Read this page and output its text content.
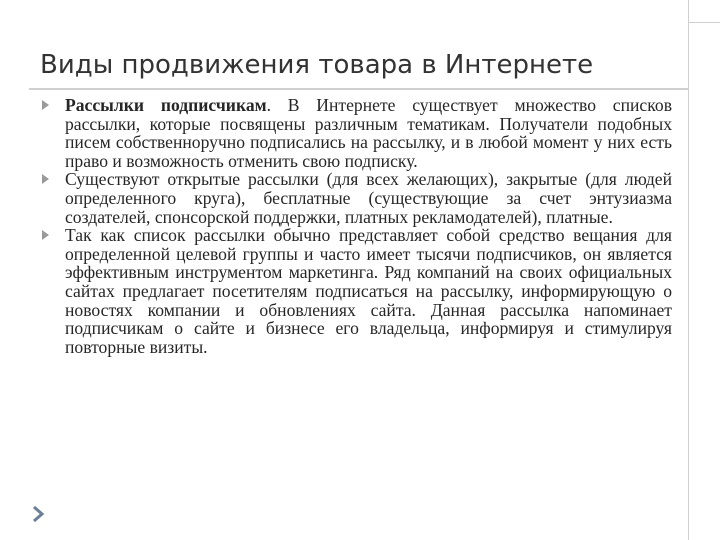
Виды продвижения товара в Интернете
Рассылки подписчикам. В Интернете существует множество списков рассылки, которые посвящены различным тематикам. Получатели подобных писем собственноручно подписались на рассылку, и в любой момент у них есть право и возможность отменить свою подписку.
Существуют открытые рассылки (для всех желающих), закрытые (для людей определенного круга), бесплатные (существующие за счет энтузиазма создателей, спонсорской поддержки, платных рекламодателей), платные.
Так как список рассылки обычно представляет собой средство вещания для определенной целевой группы и часто имеет тысячи подписчиков, он является эффективным инструментом маркетинга. Ряд компаний на своих официальных сайтах предлагает посетителям подписаться на рассылку, информирующую о новостях компании и обновлениях сайта. Данная рассылка напоминает подписчикам о сайте и бизнесе его владельца, информируя и стимулируя повторные визиты.
